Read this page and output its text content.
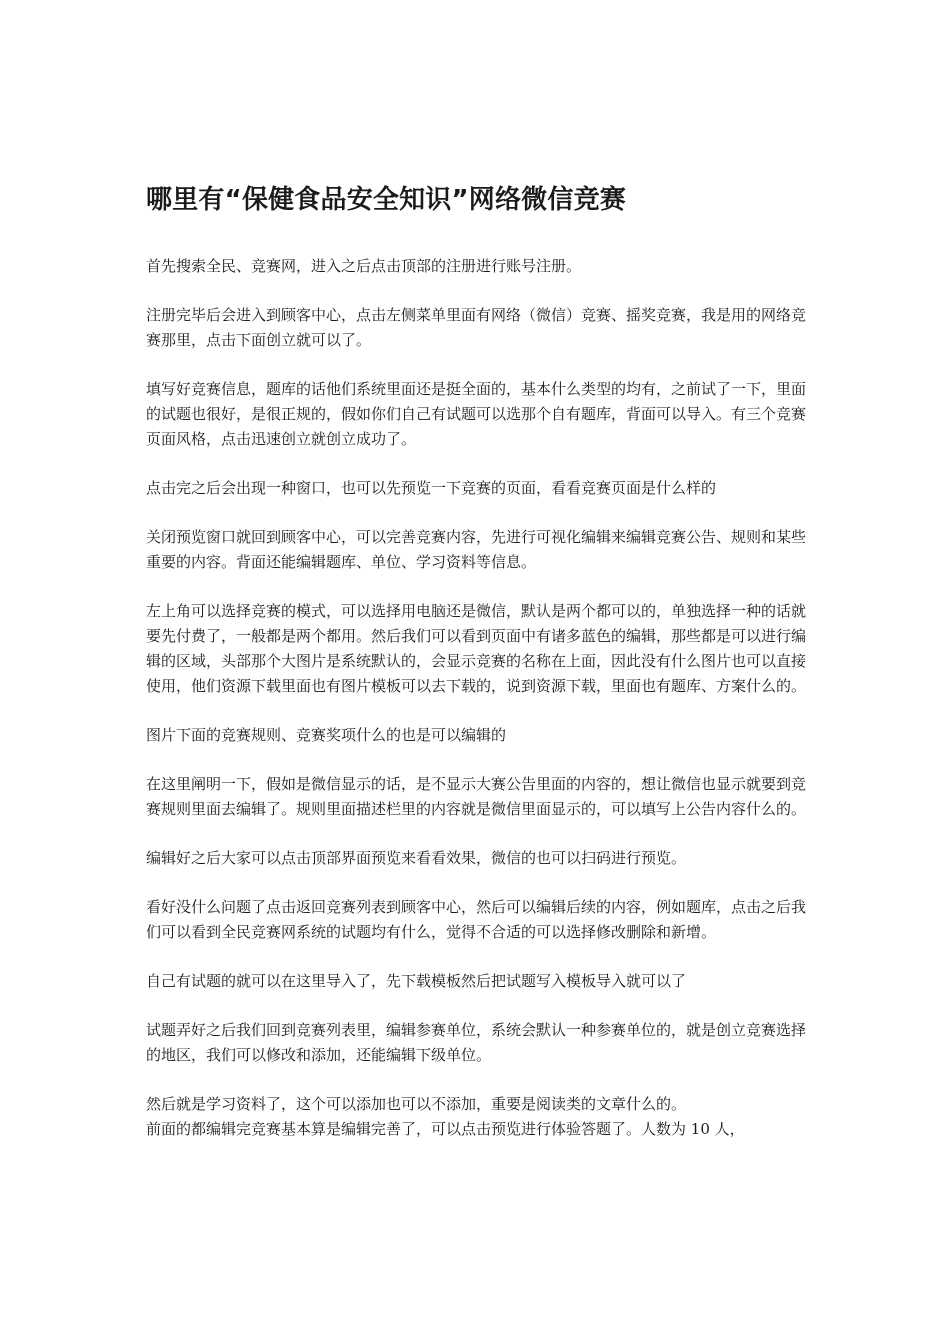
哪里有“保健食品安全知识”网络微信竞赛

首先搜索全民、竞赛网，进入之后点击顶部的注册进行账号注册。

注册完毕后会进入到顾客中心，点击左侧菜单里面有网络（微信）竞赛、摇奖竞赛，我是用的网络竞赛那里，点击下面创立就可以了。

填写好竞赛信息，题库的话他们系统里面还是挺全面的，基本什么类型的均有，之前试了一下，里面的试题也很好，是很正规的，假如你们自己有试题可以选那个自有题库，背面可以导入。有三个竞赛页面风格，点击迅速创立就创立成功了。

点击完之后会出现一种窗口，也可以先预览一下竞赛的页面，看看竞赛页面是什么样的

关闭预览窗口就回到顾客中心，可以完善竞赛内容，先进行可视化编辑来编辑竞赛公告、规则和某些重要的内容。背面还能编辑题库、单位、学习资料等信息。

左上角可以选择竞赛的模式，可以选择用电脑还是微信，默认是两个都可以的，单独选择一种的话就要先付费了，一般都是两个都用。然后我们可以看到页面中有诸多蓝色的编辑，那些都是可以进行编辑的区域，头部那个大图片是系统默认的，会显示竞赛的名称在上面，因此没有什么图片也可以直接使用，他们资源下载里面也有图片模板可以去下载的，说到资源下载，里面也有题库、方案什么的。

图片下面的竞赛规则、竞赛奖项什么的也是可以编辑的

在这里阐明一下，假如是微信显示的话，是不显示大赛公告里面的内容的，想让微信也显示就要到竞赛规则里面去编辑了。规则里面描述栏里的内容就是微信里面显示的，可以填写上公告内容什么的。

编辑好之后大家可以点击顶部界面预览来看看效果，微信的也可以扫码进行预览。

看好没什么问题了点击返回竞赛列表到顾客中心，然后可以编辑后续的内容，例如题库，点击之后我们可以看到全民竞赛网系统的试题均有什么，觉得不合适的可以选择修改删除和新增。

自己有试题的就可以在这里导入了，先下载模板然后把试题写入模板导入就可以了

试题弄好之后我们回到竞赛列表里，编辑参赛单位，系统会默认一种参赛单位的，就是创立竞赛选择的地区，我们可以修改和添加，还能编辑下级单位。

然后就是学习资料了，这个可以添加也可以不添加，重要是阅读类的文章什么的。

前面的都编辑完竞赛基本算是编辑完善了，可以点击预览进行体验答题了。人数为 10 人，
